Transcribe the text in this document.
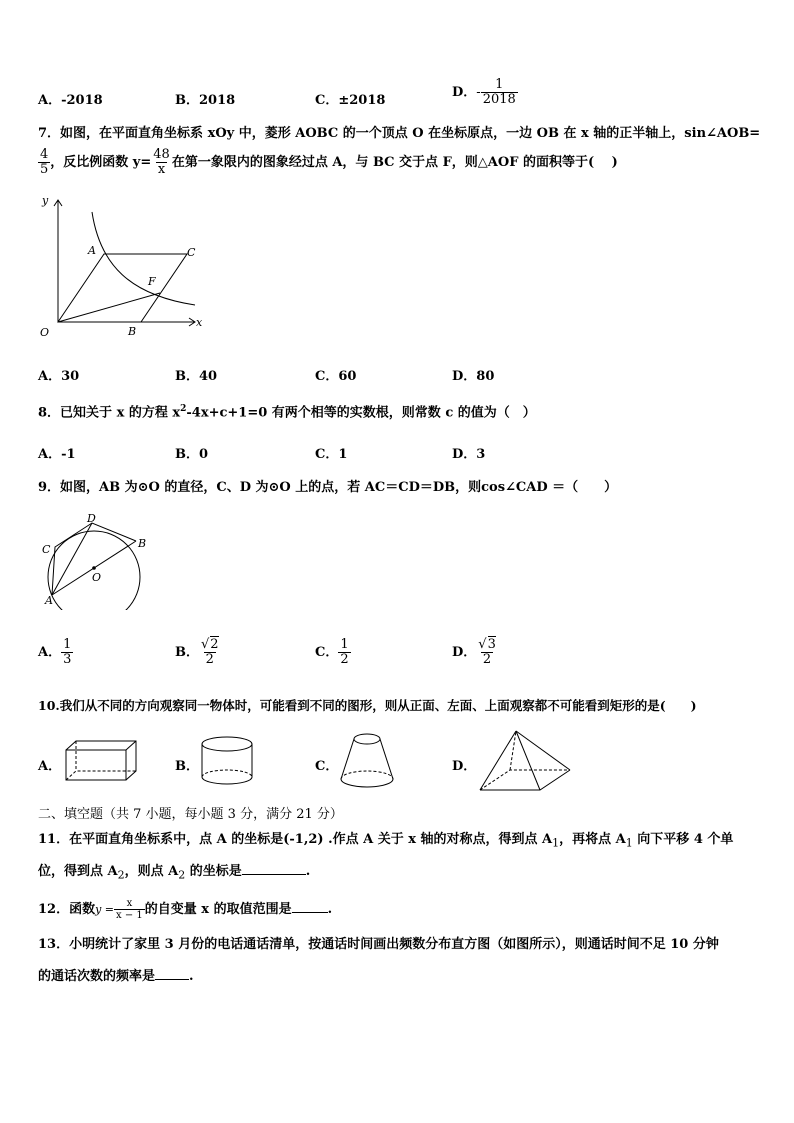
A．-2018	B．2018	C．±2018
D．- $\frac{1}{2018}$
7．如图，在平面直角坐标系 xOy 中，菱形 AOBC 的一个顶点 O 在坐标原点，一边 OB 在 x 轴的正半轴上，sin∠AOB=
$\frac{4}{5}$ ，反比例函数 $y= \frac{48}{x}$ 在第一象限内的图象经过点 A，与 BC 交于点 F，则△AOF 的面积等于(　 )
y
x
O
A
B
C
F
A．30	B．40	C．60	D．80
8．已知关于 x 的方程 $x^2-4x+c+1=0$ 有两个相等的实数根，则常数 c 的值为（　）
A．-1	B．0	C．1	D．3
9．如图，AB 为⊙O 的直径，C、D 为⊙O 上的点，若 AC＝CD＝DB，则cos∠CAD ＝（　　）
A
B
C
D
O
A． $\frac{1}{3}$	B． $\frac{√2}{2}$	C． $\frac{1}{2}$	D． $\frac{√3}{2}$
10.我们从不同的方向观察同一物体时，可能看到不同的图形，则从正面、左面、上面观察都不可能看到矩形的是(　　)
A．	B．	C．	D．
二、填空题（共 7 小题，每小题 3 分，满分 21 分）
11．在平面直角坐标系中，点 A 的坐标是(-1,2) .作点 A 关于 x 轴的对称点，得到点 $A_1$，再将点 $A_1$ 向下平移 4 个单
位，得到点 $A_2$，则点 $A_2$ 的坐标是	.
12．函数$y = \frac{x}{x - 1}$ 的自变量 x 的取值范围是	.
13．小明统计了家里 3 月份的电话通话清单，按通话时间画出频数分布直方图（如图所示），则通话时间不足 10 分钟
的通话次数的频率是	.
